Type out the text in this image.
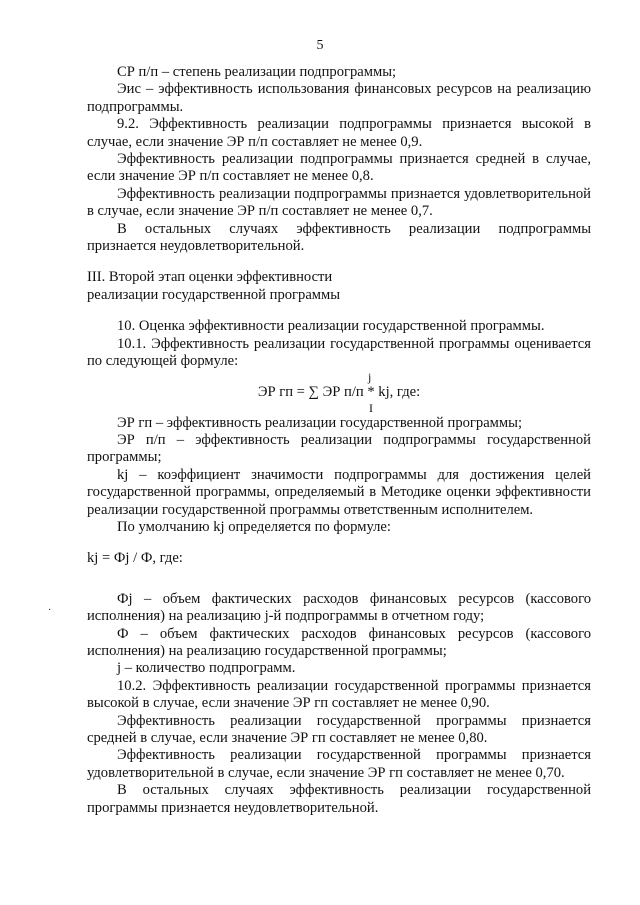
5
·

СР п/п – степень реализации подпрограммы;

Эис – эффективность использования финансовых ресурсов на реализацию подпрограммы.

9.2. Эффективность реализации подпрограммы признается высокой в случае, если значение ЭР п/п составляет не менее 0,9.

Эффективность реализации подпрограммы признается средней в случае, если значение ЭР п/п составляет не менее 0,8.

Эффективность реализации подпрограммы признается удовлетворительной в случае, если значение ЭР п/п составляет не менее 0,7.

В остальных случаях эффективность реализации подпрограммы признается неудовлетворительной.

III. Второй этап оценки эффективности

реализации государственной программы

10. Оценка эффективности реализации государственной программы.

10.1. Эффективность реализации государственной программы оценивается по следующей формуле:

j
ЭР гп = ∑ ЭР п/п * kj, где:
I

ЭР гп – эффективность реализации государственной программы;

ЭР п/п – эффективность реализации подпрограммы государственной программы;

kj – коэффициент значимости подпрограммы для достижения целей государственной программы, определяемый в Методике оценки эффективности реализации государственной программы ответственным исполнителем.

По умолчанию kj определяется по формуле:

kj = Фj / Ф, где:

Фj – объем фактических расходов финансовых ресурсов (кассового исполнения) на реализацию j-й подпрограммы в отчетном году;

Ф – объем фактических расходов финансовых ресурсов (кассового исполнения) на реализацию государственной программы;

j – количество подпрограмм.

10.2. Эффективность реализации государственной программы признается высокой в случае, если значение ЭР гп составляет не менее 0,90.

Эффективность реализации государственной программы признается средней в случае, если значение ЭР гп составляет не менее 0,80.

Эффективность реализации государственной программы признается удовлетворительной в случае, если значение ЭР гп составляет не менее 0,70.

В остальных случаях эффективность реализации государственной программы признается неудовлетворительной.
